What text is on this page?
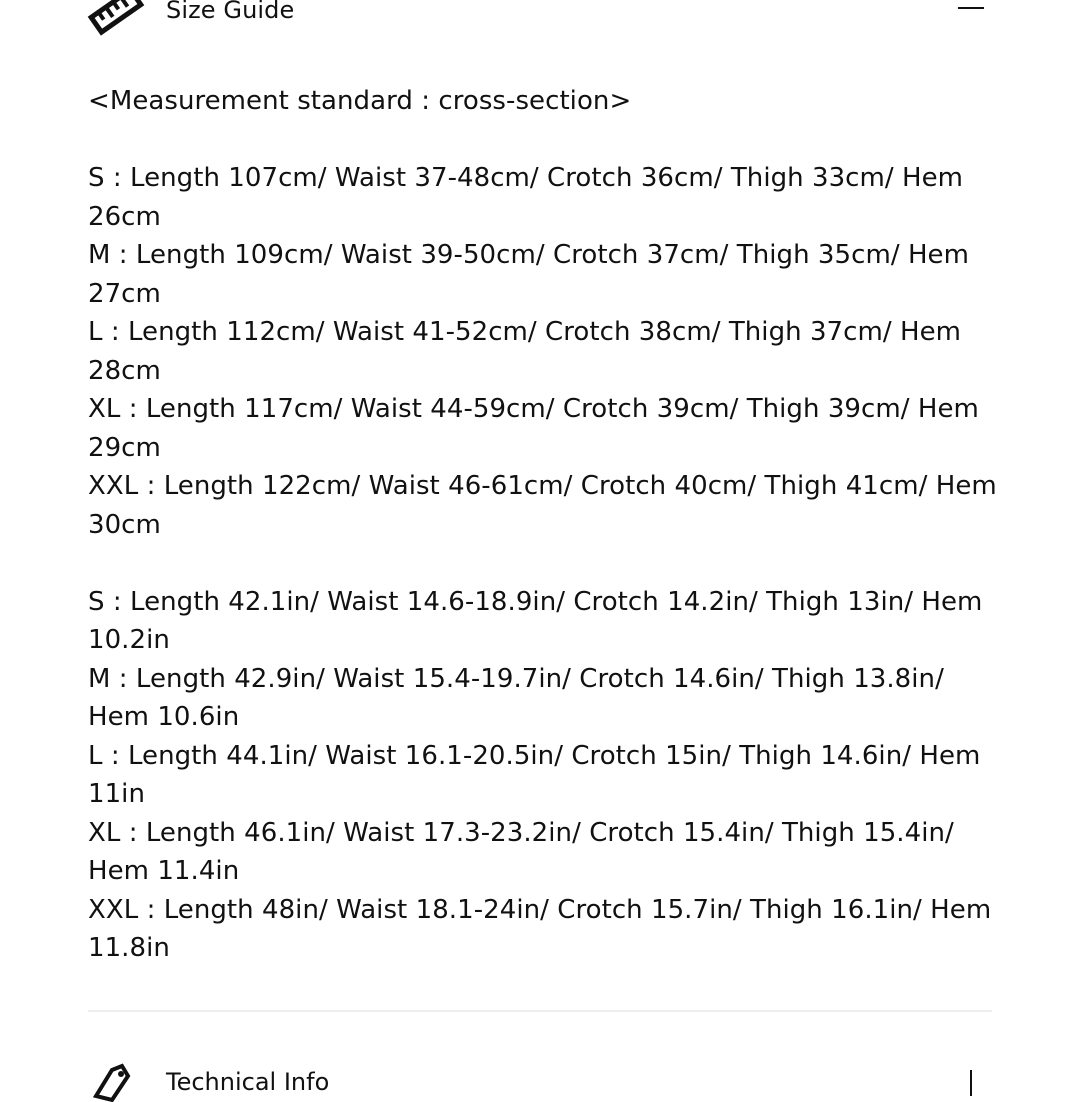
Size Guide

<Measurement standard : cross-section>

S : Length 107cm/ Waist 37-48cm/ Crotch 36cm/ Thigh 33cm/ Hem 26cm

M : Length 109cm/ Waist 39-50cm/ Crotch 37cm/ Thigh 35cm/ Hem 27cm

L : Length 112cm/ Waist 41-52cm/ Crotch 38cm/ Thigh 37cm/ Hem 28cm

XL : Length 117cm/ Waist 44-59cm/ Crotch 39cm/ Thigh 39cm/ Hem 29cm

XXL : Length 122cm/ Waist 46-61cm/ Crotch 40cm/ Thigh 41cm/ Hem 30cm

S : Length 42.1in/ Waist 14.6-18.9in/ Crotch 14.2in/ Thigh 13in/ Hem 10.2in

M : Length 42.9in/ Waist 15.4-19.7in/ Crotch 14.6in/ Thigh 13.8in/ Hem 10.6in

L : Length 44.1in/ Waist 16.1-20.5in/ Crotch 15in/ Thigh 14.6in/ Hem 11in

XL : Length 46.1in/ Waist 17.3-23.2in/ Crotch 15.4in/ Thigh 15.4in/ Hem 11.4in

XXL : Length 48in/ Waist 18.1-24in/ Crotch 15.7in/ Thigh 16.1in/ Hem 11.8in

Technical Info
